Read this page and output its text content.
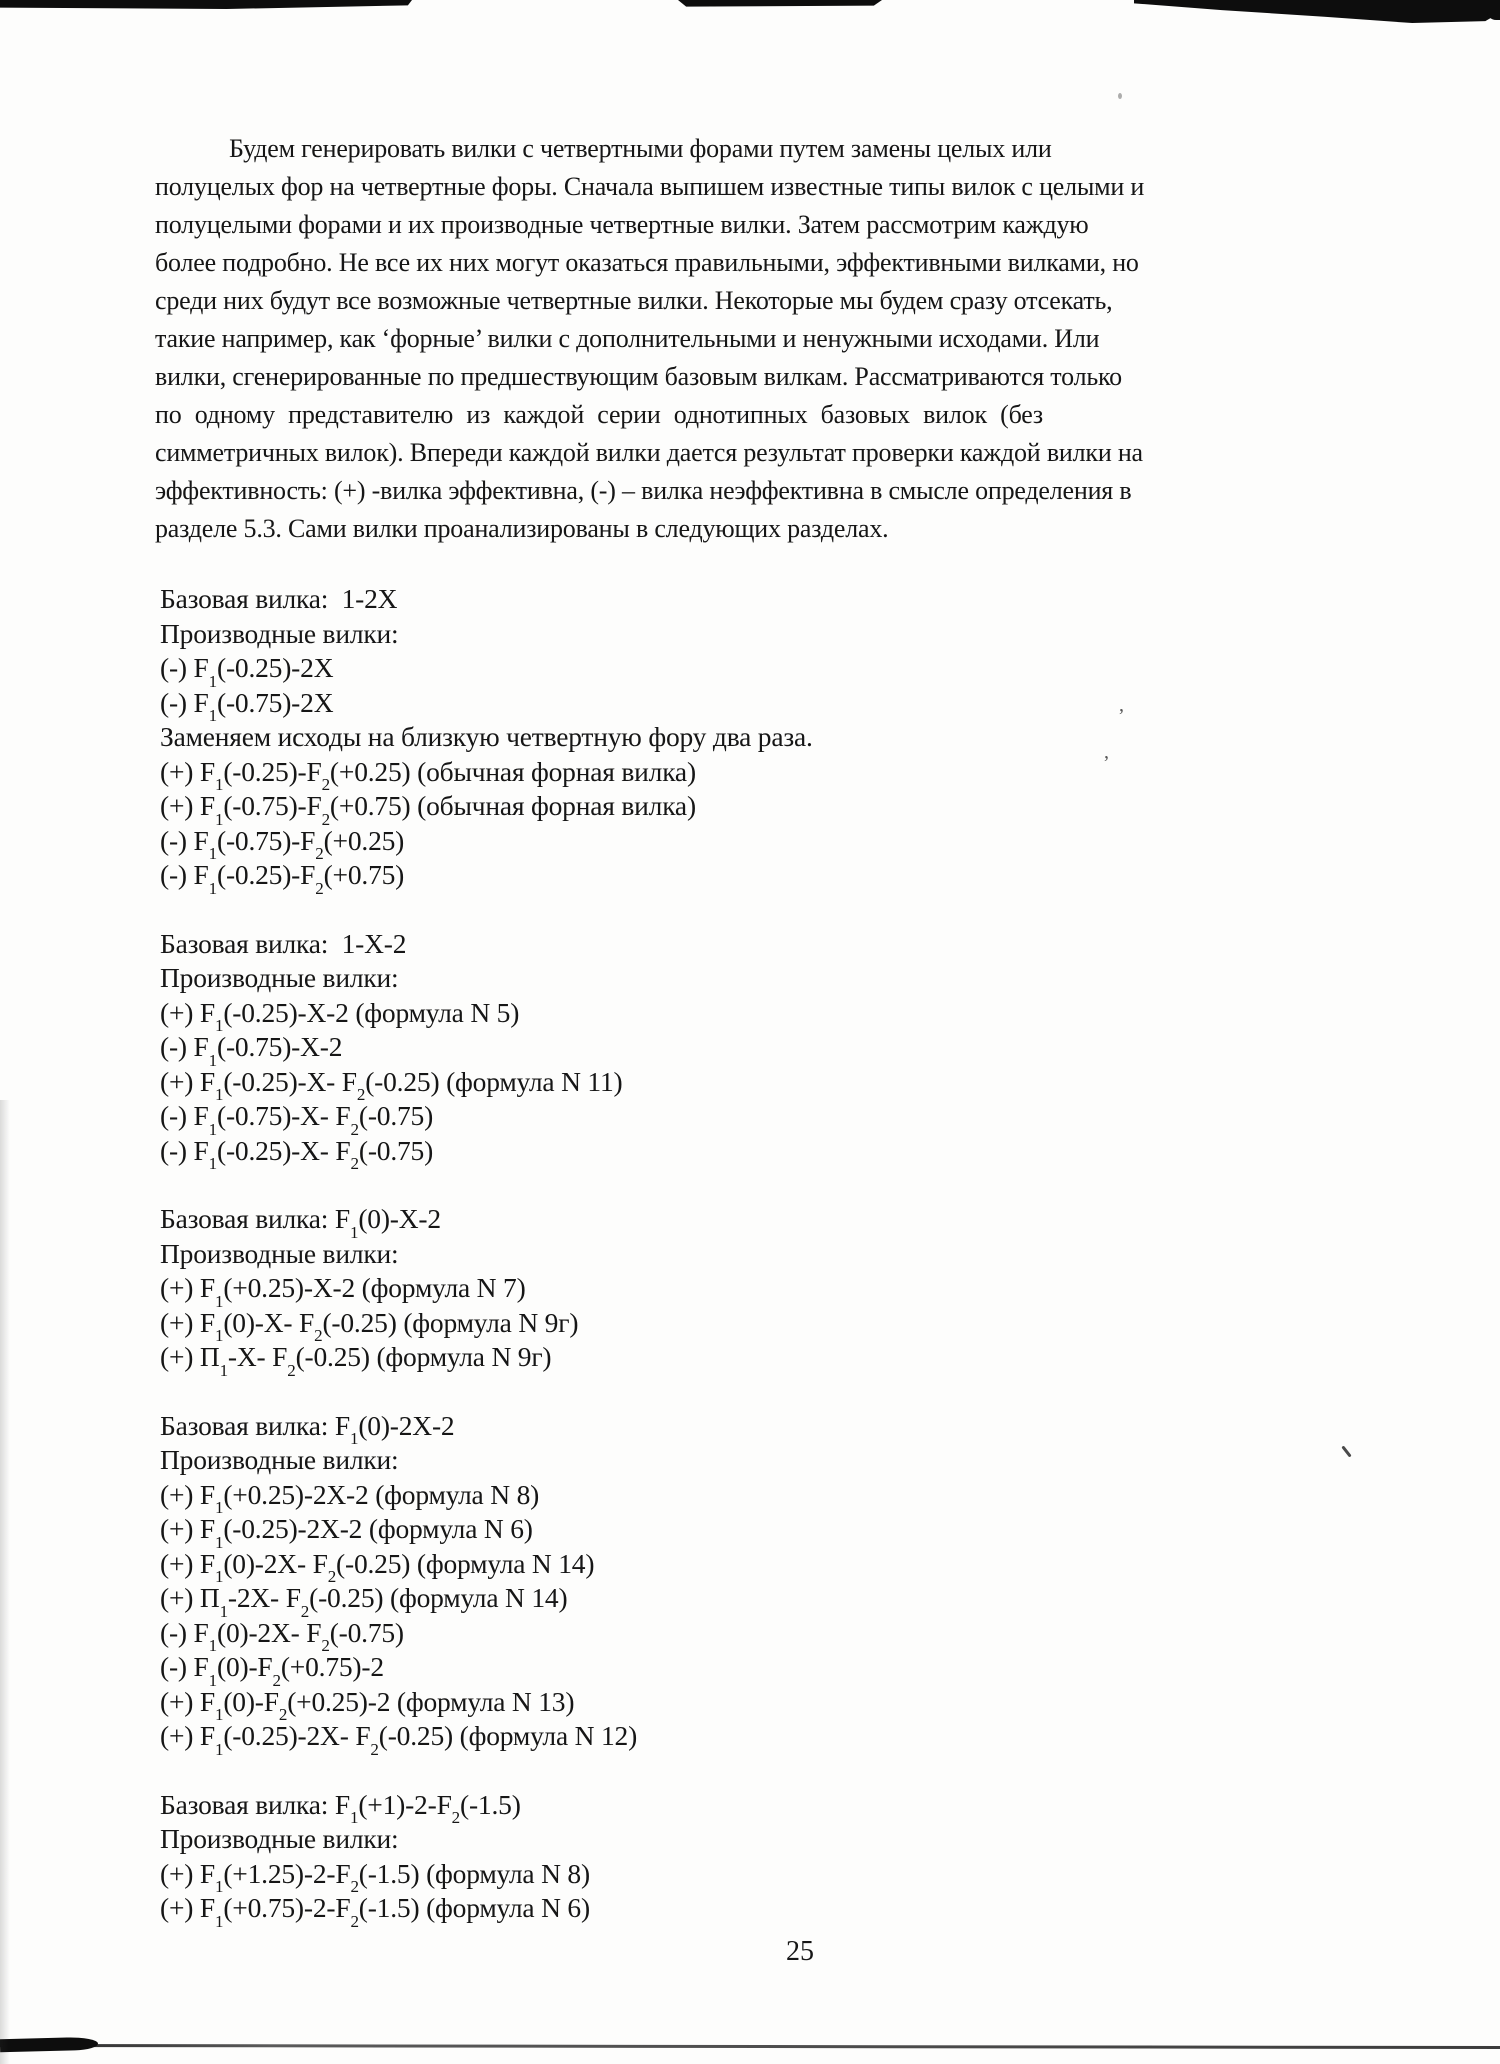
’
,
Будем генерировать вилки с четвертными форами путем замены целых или
полуцелых фор на четвертные форы. Сначала выпишем известные типы вилок с целыми и
полуцелыми форами и их производные четвертные вилки. Затем рассмотрим каждую
более подробно. Не все их них могут оказаться правильными, эффективными вилками, но
среди них будут все возможные четвертные вилки. Некоторые мы будем сразу отсекать,
такие например, как ‘форные’ вилки с дополнительными и ненужными исходами. Или
вилки, сгенерированные по предшествующим базовым вилкам. Рассматриваются только
по одному представителю из каждой серии однотипных базовых вилок (без
симметричных вилок). Впереди каждой вилки дается результат проверки каждой вилки на
эффективность: (+) -вилка эффективна, (-) – вилка неэффективна в смысле определения в
разделе 5.3. Сами вилки проанализированы в следующих разделах.
Базовая вилка:  1-2X
Производные вилки:
(-) $F_1(-0.25)-2X$
(-) $F_1(-0.75)-2X$
Заменяем исходы на близкую четвертную фору два раза.
(+) $F_1(-0.25)-F_2(+0.25)$ (обычная форная вилка)
(+) $F_1(-0.75)-F_2(+0.75)$ (обычная форная вилка)
(-) $F_1(-0.75)-F_2(+0.25)$
(-) $F_1(-0.25)-F_2(+0.75)$
Базовая вилка:  1-X-2
Производные вилки:
(+) $F_1(-0.25)-X-2$ (формула N 5)
(-) $F_1(-0.75)-X-2$
(+) $F_1(-0.25)-X-$ $F_2(-0.25)$ (формула N 11)
(-) $F_1(-0.75)-X-$ $F_2(-0.75)$
(-) $F_1(-0.25)-X-$ $F_2(-0.75)$
Базовая вилка: $F_1(0)-X-2$
Производные вилки:
(+) $F_1(+0.25)-X-2$ (формула N 7)
(+) $F_1(0)-X-$ $F_2(-0.25)$ (формула N 9г)
(+) $П_1-X-$ $F_2(-0.25)$ (формула N 9г)
Базовая вилка: $F_1(0)-2X-2$
Производные вилки:
(+) $F_1(+0.25)-2X-2$ (формула N 8)
(+) $F_1(-0.25)-2X-2$ (формула N 6)
(+) $F_1(0)-2X-$ $F_2(-0.25)$ (формула N 14)
(+) $П_1-2X-$ $F_2(-0.25)$ (формула N 14)
(-) $F_1(0)-2X-$ $F_2(-0.75)$
(-) $F_1(0)-F_2(+0.75)-2$
(+) $F_1(0)-F_2(+0.25)-2$ (формула N 13)
(+) $F_1(-0.25)-2X-$ $F_2(-0.25)$ (формула N 12)
Базовая вилка: $F_1(+1)-2-F_2(-1.5)$
Производные вилки:
(+) $F_1(+1.25)-2-F_2(-1.5)$ (формула N 8)
(+) $F_1(+0.75)-2-F_2(-1.5)$ (формула N 6)
25
